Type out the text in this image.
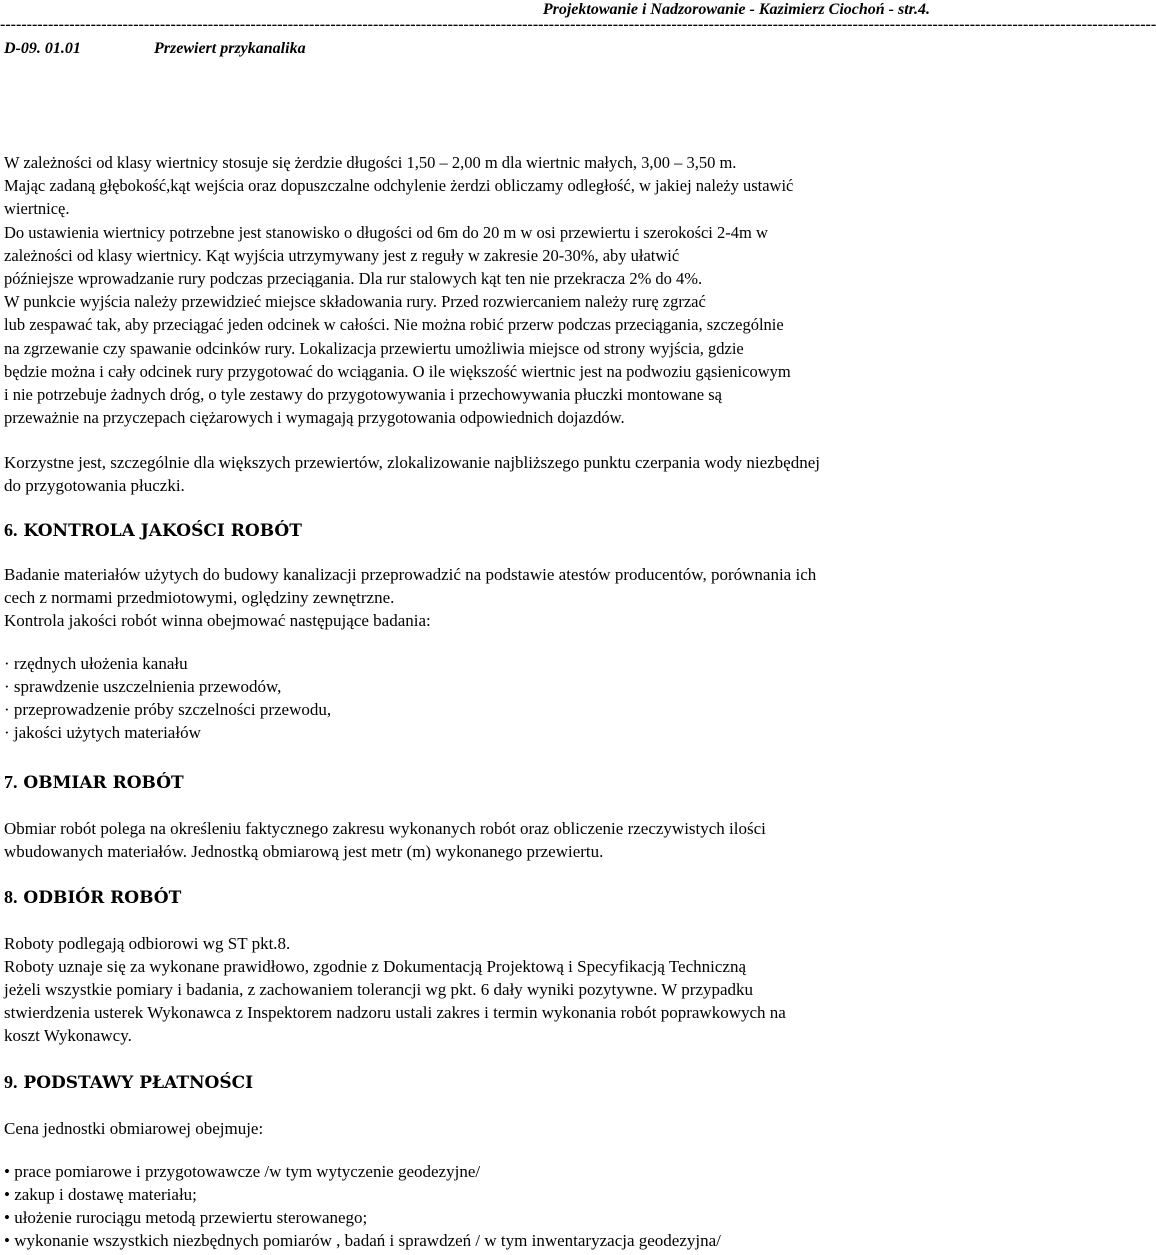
Projektowanie i Nadzorowanie - Kazimierz Ciochoń - str.4.
-------------------------------------------------------------------------------------------------------------------------------------------------------------------------------------------------------------------------
D-09. 01.01	Przewiert przykanalika

W zależności od klasy wiertnicy stosuje się żerdzie długości 1,50 – 2,00 m dla wiertnic małych, 3,00 – 3,50 m.

Mając zadaną głębokość,kąt wejścia oraz dopuszczalne odchylenie żerdzi obliczamy odległość, w jakiej należy ustawić

wiertnicę.

Do ustawienia wiertnicy potrzebne jest stanowisko o długości od 6m do 20 m w osi przewiertu i szerokości 2-4m w

zależności od klasy wiertnicy. Kąt wyjścia utrzymywany jest z reguły w zakresie 20-30%, aby ułatwić

późniejsze wprowadzanie rury podczas przeciągania. Dla rur stalowych kąt ten nie przekracza 2% do 4%.

W punkcie wyjścia należy przewidzieć miejsce składowania rury. Przed rozwiercaniem należy rurę zgrzać

lub zespawać tak, aby przeciągać jeden odcinek w całości. Nie można robić przerw podczas przeciągania, szczególnie

na zgrzewanie czy spawanie odcinków rury. Lokalizacja przewiertu umożliwia miejsce od strony wyjścia, gdzie

będzie można i cały odcinek rury przygotować do wciągania. O ile większość wiertnic jest na podwoziu gąsienicowym

i nie potrzebuje żadnych dróg, o tyle zestawy do przygotowywania i przechowywania płuczki montowane są

przeważnie na przyczepach ciężarowych i wymagają przygotowania odpowiednich dojazdów.

Korzystne jest, szczególnie dla większych przewiertów, zlokalizowanie najbliższego punktu czerpania wody niezbędnej

do przygotowania płuczki.

6. KONTROLA JAKOŚCI ROBÓT

Badanie materiałów użytych do budowy kanalizacji przeprowadzić na podstawie atestów producentów, porównania ich

cech z normami przedmiotowymi, oględziny zewnętrzne.

Kontrola jakości robót winna obejmować następujące badania:

· rzędnych ułożenia kanału

· sprawdzenie uszczelnienia przewodów,

· przeprowadzenie próby szczelności przewodu,

· jakości użytych materiałów

7. OBMIAR ROBÓT

Obmiar robót polega na określeniu faktycznego zakresu wykonanych robót oraz obliczenie rzeczywistych ilości

wbudowanych materiałów. Jednostką obmiarową jest metr (m) wykonanego przewiertu.

8. ODBIÓR ROBÓT

Roboty podlegają odbiorowi wg ST pkt.8.

Roboty uznaje się za wykonane prawidłowo, zgodnie z Dokumentacją Projektową i Specyfikacją Techniczną

jeżeli wszystkie pomiary i badania, z zachowaniem tolerancji wg pkt. 6 dały wyniki pozytywne. W przypadku

stwierdzenia usterek Wykonawca z Inspektorem nadzoru ustali zakres i termin wykonania robót poprawkowych na

koszt Wykonawcy.

9. PODSTAWY PŁATNOŚCI

Cena jednostki obmiarowej obejmuje:

• prace pomiarowe i przygotowawcze /w tym wytyczenie geodezyjne/

• zakup i dostawę materiału;

• ułożenie rurociągu metodą przewiertu sterowanego;

• wykonanie wszystkich niezbędnych pomiarów , badań i sprawdzeń / w tym inwentaryzacja geodezyjna/
